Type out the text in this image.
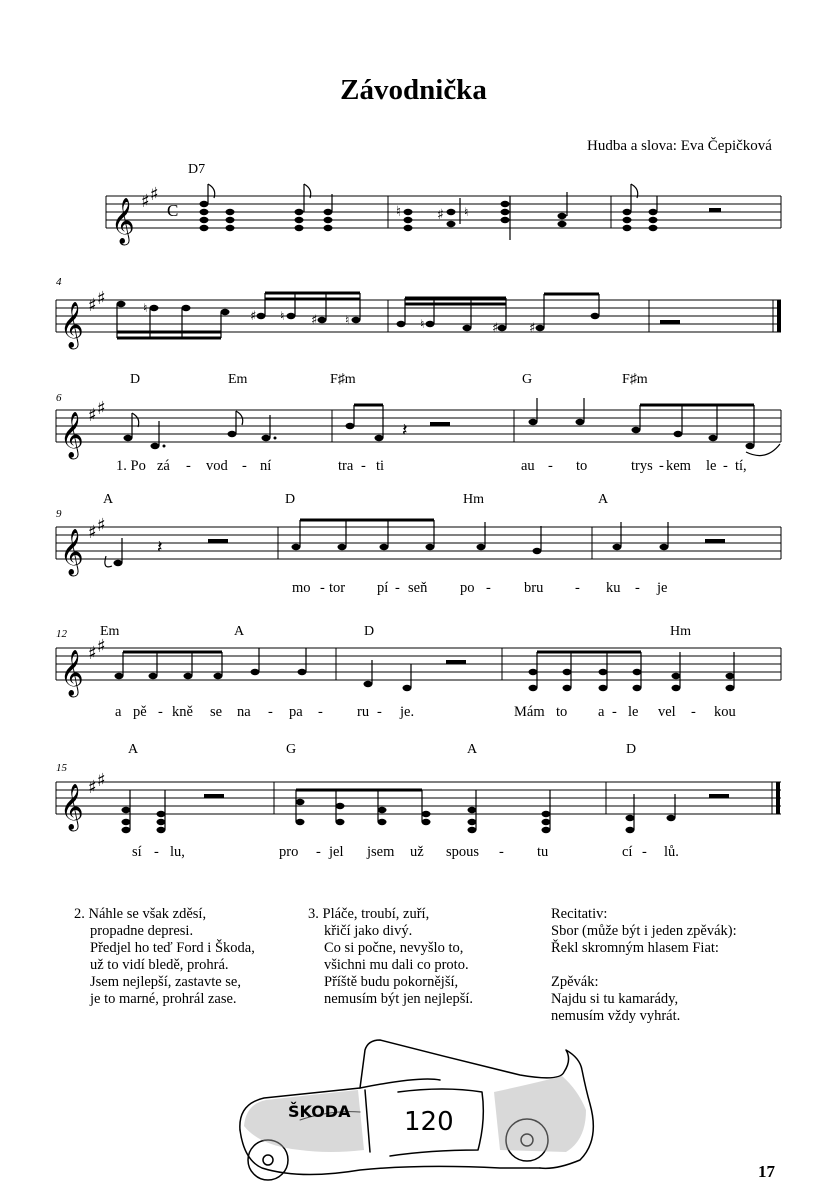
Závodnička
Hudba a slova: Eva Čepičková
D7
𝄞 ♯ ♯
C	♮	♯ ♮
4
𝄞 ♯ ♯	♮
♯ ♮ ♯ ♮	♮	♯ ♯
6
D	Em	F♯m	G	F♯m
𝄞 ♯ ♯
𝄽
1. Po zá - vod - ní	tra - ti	au - to	trys - kem le - tí,
9
A	D	Hm	A
𝄞 ♯ ♯
𝄽
mo - tor pí - seň po - bru - ku - je
12 Em	A	D	Hm
𝄞 ♯ ♯
a pě - kně se na - pa - ru - je.	Mám to a - le vel - kou
15
A	G	A	D
𝄞 ♯ ♯
sí - lu,	pro - jel jsem už spous - tu	cí - lů.

2. Náhle se však zděsí,

propadne depresi.

Předjel ho teď Ford i Škoda,

už to vidí bledě, prohrá.

Jsem nejlepší, zastavte se,

je to marné, prohrál zase.

3. Pláče, troubí, zuří,

křičí jako divý.

Co si počne, nevyšlo to,

všichni mu dali co proto.

Příště budu pokornější,

nemusím být jen nejlepší.

Recitativ:

Sbor (může být i jeden zpěvák):

Řekl skromným hlasem Fiat:

Zpěvák:

Najdu si tu kamarády,

nemusím vždy vyhrát.

ŠKODA 120
17
